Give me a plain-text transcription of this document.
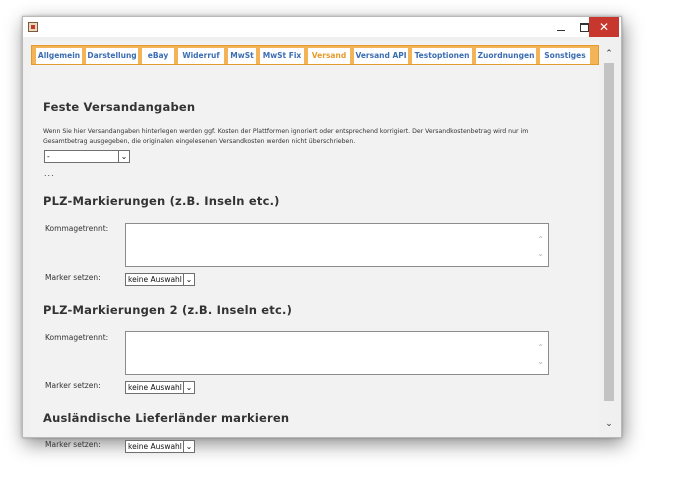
✕
Allgemein Darstellung	eBay	Widerruf	MwSt	MwSt Fix	Versand	Versand API	Testoptionen	Zuordnungen	Sonstiges
Feste Versandangaben
Wenn Sie hier Versandangaben hinterlegen werden ggf. Kosten der Plattformen ignoriert oder entsprechend korrigiert. Der Versandkostenbetrag wird nur im Gesamtbetrag ausgegeben, die originalen eingelesenen Versandkosten werden nicht überschrieben.
-	⌄
...
PLZ-Markierungen (z.B. Inseln etc.)
Kommagetrennt:
⌃
⌄
Marker setzen:	keine Auswahl ⌄
PLZ-Markierungen 2 (z.B. Inseln etc.)
Kommagetrennt:
⌃
⌄
Marker setzen:	keine Auswahl ⌄
Ausländische Lieferländer markieren
Marker setzen:	keine Auswahl ⌄
⌃
⌄
